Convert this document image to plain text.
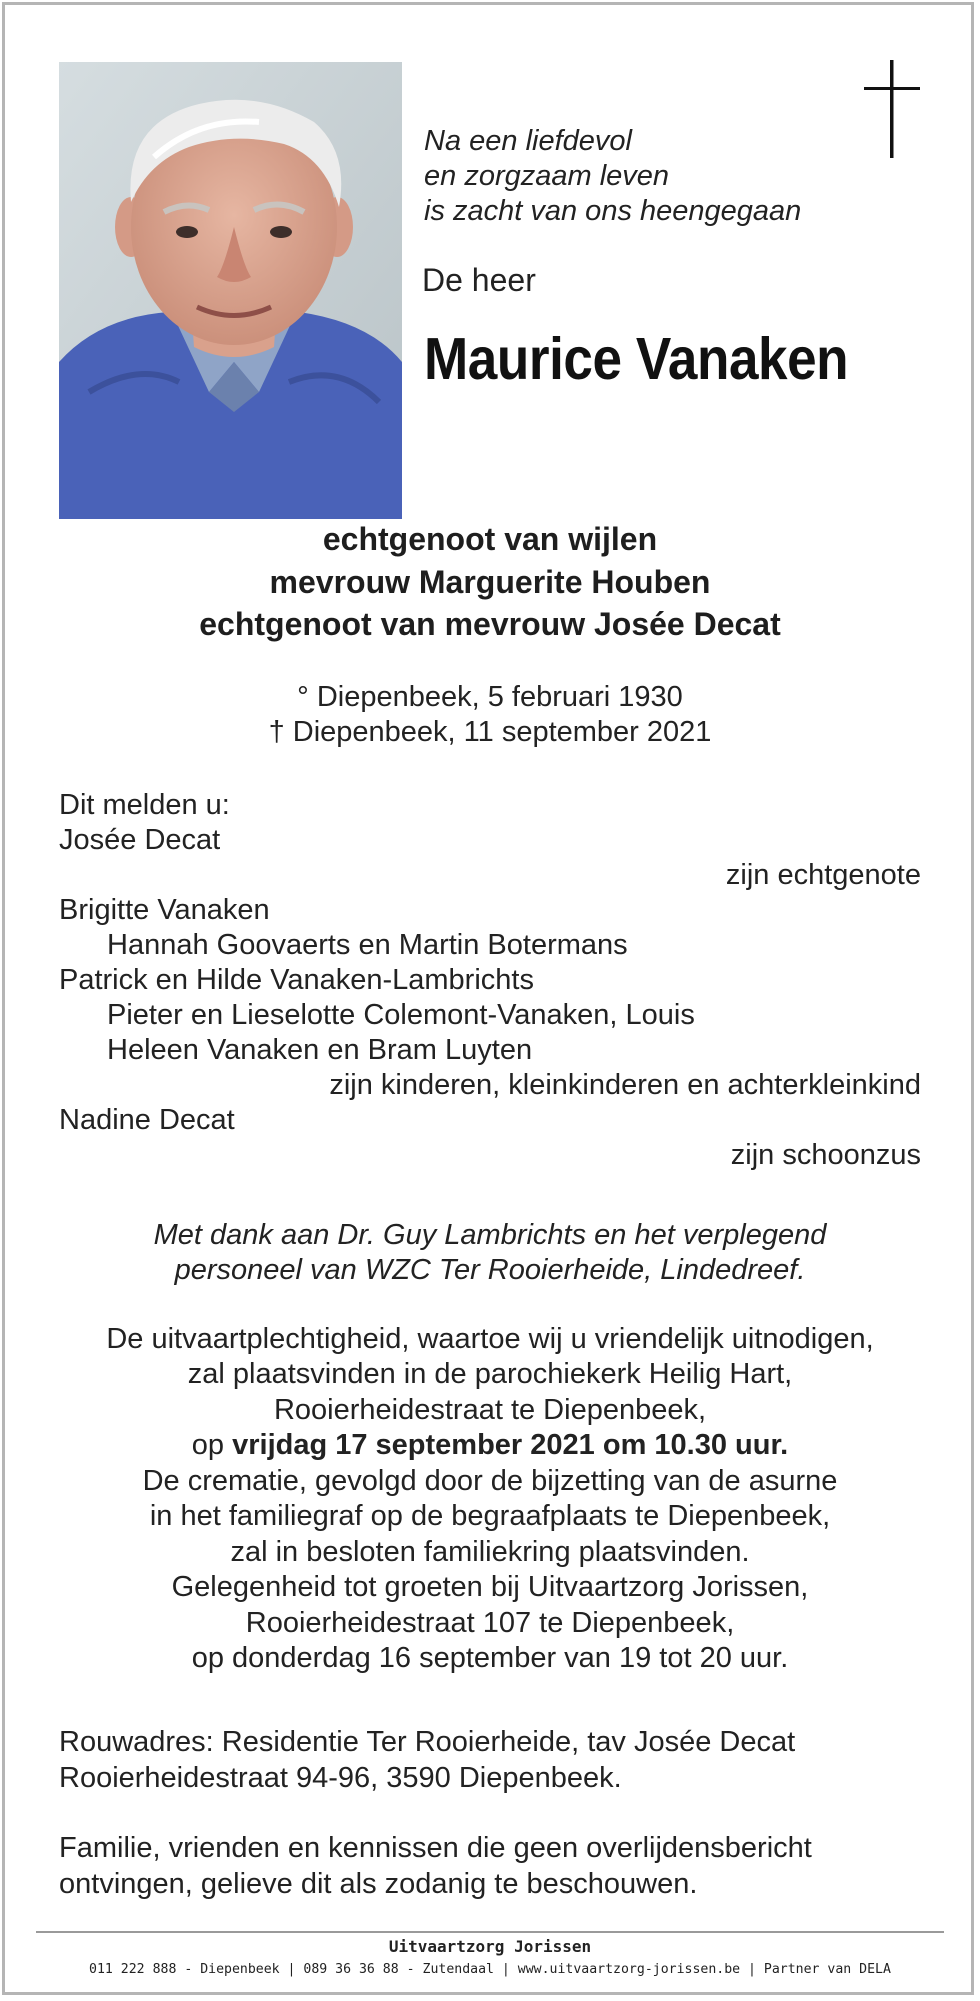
Na een liefdevol
en zorgzaam leven
is zacht van ons heengegaan
De heer
Maurice Vanaken
echtgenoot van wijlen
mevrouw Marguerite Houben
echtgenoot van mevrouw Josée Decat
° Diepenbeek, 5 februari 1930
† Diepenbeek, 11 september 2021
Dit melden u:
Josée Decat
zijn echtgenote
Brigitte Vanaken
Hannah Goovaerts en Martin Botermans
Patrick en Hilde Vanaken-Lambrichts
Pieter en Lieselotte Colemont-Vanaken, Louis
Heleen Vanaken en Bram Luyten
zijn kinderen, kleinkinderen en achterkleinkind
Nadine Decat
zijn schoonzus
Met dank aan Dr. Guy Lambrichts en het verplegend
personeel van WZC Ter Rooierheide, Lindedreef.
De uitvaartplechtigheid, waartoe wij u vriendelijk uitnodigen,
zal plaatsvinden in de parochiekerk Heilig Hart,
Rooierheidestraat te Diepenbeek,
op vrijdag 17 september 2021 om 10.30 uur.
De crematie, gevolgd door de bijzetting van de asurne
in het familiegraf op de begraafplaats te Diepenbeek,
zal in besloten familiekring plaatsvinden.
Gelegenheid tot groeten bij Uitvaartzorg Jorissen,
Rooierheidestraat 107 te Diepenbeek,
op donderdag 16 september van 19 tot 20 uur.
Rouwadres: Residentie Ter Rooierheide, tav Josée Decat
Rooierheidestraat 94-96, 3590 Diepenbeek.
Familie, vrienden en kennissen die geen overlijdensbericht
ontvingen, gelieve dit als zodanig te beschouwen.
Uitvaartzorg Jorissen
011 222 888 - Diepenbeek | 089 36 36 88 - Zutendaal | www.uitvaartzorg-jorissen.be | Partner van DELA
